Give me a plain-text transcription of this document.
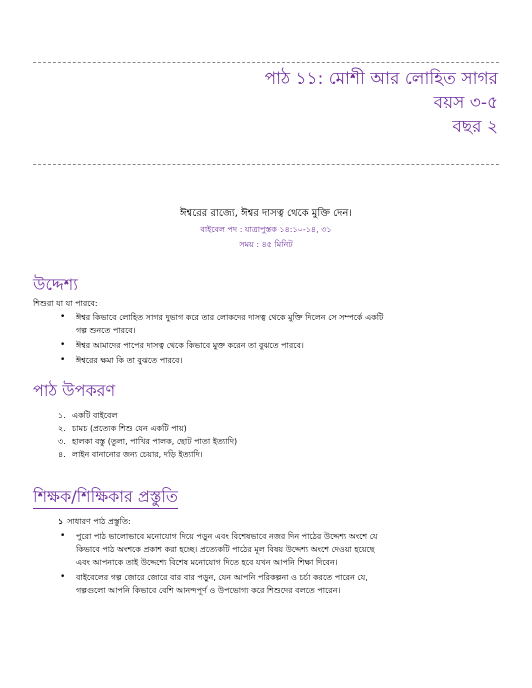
পাঠ ১১: মোশী আর লোহিত সাগর
বয়স ৩-৫
বছর ২

ঈশ্বরের রাজ্যে, ঈশ্বর দাসত্ব থেকে মুক্তি দেন।

বাইবেল পদ : যাত্রাপুস্তক ১৪:১০-১৪, ৩১

সময় : ৪৫ মিনিট

উদ্দেশ্য

শিশুরা যা যা পারবে:

• ঈশ্বর কিভাবে লোহিত সাগর দুভাগ করে তার লোকদের দাসত্ব থেকে মুক্তি দিলেন সে সম্পর্কে একটি
গল্প শুনতে পারবে।
• ঈশ্বর আমাদের পাপের দাসত্ব থেকে কিভাবে মুক্ত করেন তা বুঝতে পারবে।
• ঈশ্বরের ক্ষমা কি তা বুঝতে পারবে।
পাঠ উপকরণ
১. একটি বাইবেল
২. চামচ (প্রত্যেক শিশু যেন একটি পায়)
৩. হালকা বস্তু (তুলা, পাখির পালক, ছোট পাতা ইত্যাদি)
৪. লাইন বানানোর জন্য চেয়ার, দড়ি ইত্যাদি।
শিক্ষক/শিক্ষিকার প্রস্তুতি

১ সাধারণ পাঠ প্রস্তুতি:

• পুরো পাঠ ভালোভাবে মনোযোগ দিয়ে পড়ুন এবং বিশেষভাবে নজর দিন পাঠের উদ্দেশ্য অংশে যে
কিভাবে পাঠ অংশকে প্রকাশ করা হচ্ছে। প্রত্যেকটি পাঠের মূল বিষয় উদ্দেশ্য অংশে দেওয়া হয়েছে
এবং আপনাকে তাই উদ্দেশ্যে বিশেষ মনোযোগ দিতে হবে যখন আপনি শিক্ষা দিবেন।
• বাইবেলের গল্প জোরে জোরে বার বার পড়ুন, যেন আপনি পরিকল্পনা ও চর্চা করতে পারেন যে,
গল্পগুলো আপনি কিভাবে বেশি আনন্দপূর্ণ ও উপভোগ্য করে শিশুদের বলতে পারেন।
